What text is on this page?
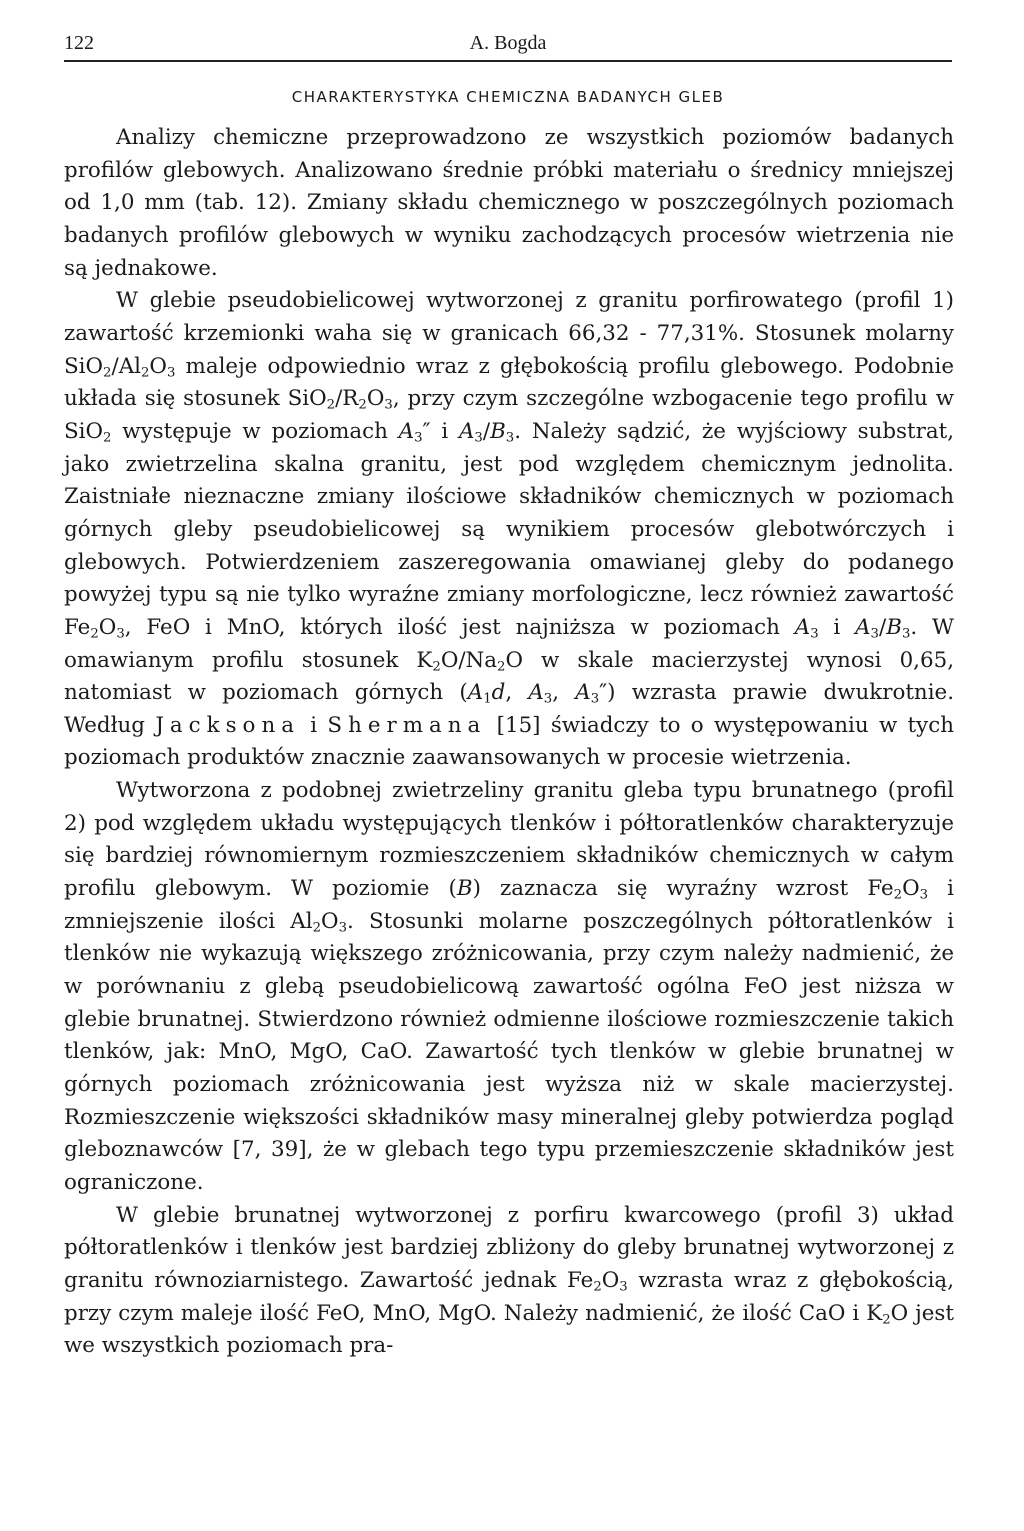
122	A. Bogda
CHARAKTERYSTYKA CHEMICZNA BADANYCH GLEB

Analizy chemiczne przeprowadzono ze wszystkich poziomów badanych profilów glebowych. Analizowano średnie próbki materiału o średnicy mniejszej od 1,0 mm (tab. 12). Zmiany składu chemicznego w poszczególnych poziomach badanych profilów glebowych w wyniku zachodzących procesów wietrzenia nie są jednakowe.

W glebie pseudobielicowej wytworzonej z granitu porfirowatego (profil 1) zawartość krzemionki waha się w granicach 66,32 - 77,31%. Stosunek molarny $SiO_2/Al_2O_3$ maleje odpowiednio wraz z głębokością profilu glebowego. Podobnie układa się stosunek $SiO_2/R_2O_3$, przy czym szczególne wzbogacenie tego profilu w SiO$_2$ występuje w poziomach $A_3''$ i $A_3/B_3$. Należy sądzić, że wyjściowy substrat, jako zwietrzelina skalna granitu, jest pod względem chemicznym jednolita. Zaistniałe nieznaczne zmiany ilościowe składników chemicznych w poziomach górnych gleby pseudobielicowej są wynikiem procesów glebotwórczych i glebowych. Potwierdzeniem zaszeregowania omawianej gleby do podanego powyżej typu są nie tylko wyraźne zmiany morfologiczne, lecz również zawartość $Fe_2O_3$, FeO i MnO, których ilość jest najniższa w poziomach $A_3$ i $A_3/B_3$. W omawianym profilu stosunek $K_2O/Na_2O$ w skale macierzystej wynosi 0,65, natomiast w poziomach górnych ($A_1d$, $A_3$, $A_3''$) wzrasta prawie dwukrotnie. Według Jacksona i Shermana [15] świadczy to o występowaniu w tych poziomach produktów znacznie zaawansowanych w procesie wietrzenia.

Wytworzona z podobnej zwietrzeliny granitu gleba typu brunatnego (profil 2) pod względem układu występujących tlenków i półtoratlenków charakteryzuje się bardziej równomiernym rozmieszczeniem składników chemicznych w całym profilu glebowym. W poziomie (B) zaznacza się wyraźny wzrost $Fe_2O_3$ i zmniejszenie ilości $Al_2O_3$. Stosunki molarne poszczególnych półtoratlenków i tlenków nie wykazują większego zróżnicowania, przy czym należy nadmienić, że w porównaniu z glebą pseudobielicową zawartość ogólna FeO jest niższa w glebie brunatnej. Stwierdzono również odmienne ilościowe rozmieszczenie takich tlenków, jak: MnO, MgO, CaO. Zawartość tych tlenków w glebie brunatnej w górnych poziomach zróżnicowania jest wyższa niż w skale macierzystej. Rozmieszczenie większości składników masy mineralnej gleby potwierdza pogląd gleboznawców [7, 39], że w glebach tego typu przemieszczenie składników jest ograniczone.

W glebie brunatnej wytworzonej z porfiru kwarcowego (profil 3) układ półtoratlenków i tlenków jest bardziej zbliżony do gleby brunatnej wytworzonej z granitu równoziarnistego. Zawartość jednak $Fe_2O_3$ wzrasta wraz z głębokością, przy czym maleje ilość FeO, MnO, MgO. Należy nadmienić, że ilość CaO i $K_2O$ jest we wszystkich poziomach pra-
